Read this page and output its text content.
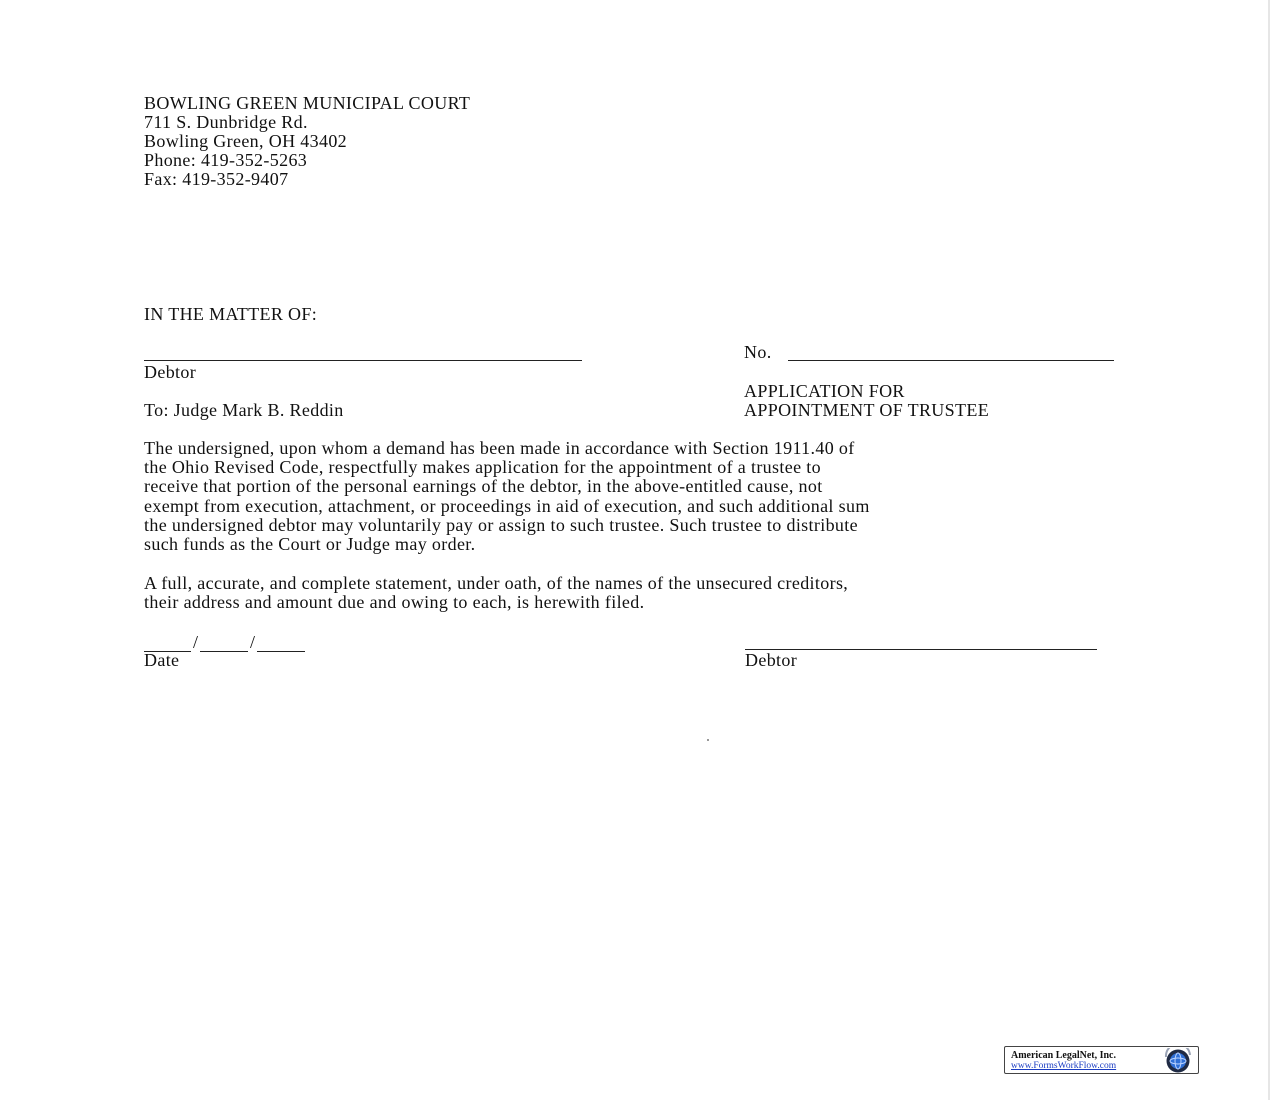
BOWLING GREEN MUNICIPAL COURT
711 S. Dunbridge Rd.
Bowling Green, OH 43402
Phone: 419-352-5263
Fax: 419-352-9407
IN THE MATTER OF:
Debtor
No.
APPLICATION FOR
APPOINTMENT OF TRUSTEE
To: Judge Mark B. Reddin
The undersigned, upon whom a demand has been made in accordance with Section 1911.40 of
the Ohio Revised Code, respectfully makes application for the appointment of a trustee to
receive that portion of the personal earnings of the debtor, in the above-entitled cause, not
exempt from execution, attachment, or proceedings in aid of execution, and such additional sum
the undersigned debtor may voluntarily pay or assign to such trustee. Such trustee to distribute
such funds as the Court or Judge may order.
A full, accurate, and complete statement, under oath, of the names of the unsecured creditors,
their address and amount due and owing to each, is herewith filed.
/	/
Date	Debtor
American LegalNet, Inc.
www.FormsWorkFlow.com
